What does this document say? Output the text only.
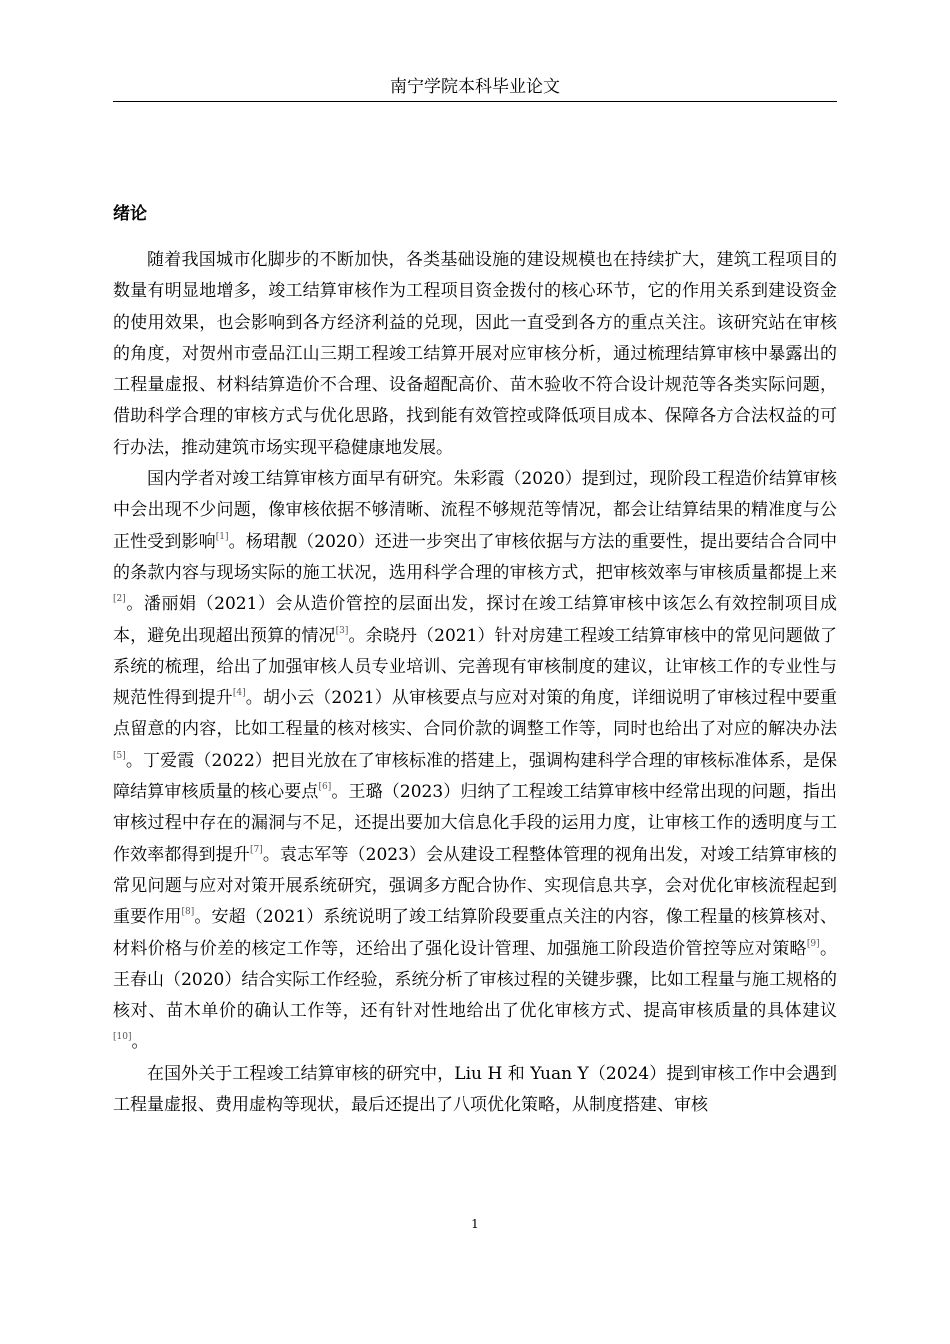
南宁学院本科毕业论文
绪论

随着我国城市化脚步的不断加快，各类基础设施的建设规模也在持续扩大，建筑工程项目的数量有明显地增多，竣工结算审核作为工程项目资金拨付的核心环节，它的作用关系到建设资金的使用效果，也会影响到各方经济利益的兑现，因此一直受到各方的重点关注。该研究站在审核的角度，对贺州市壹品江山三期工程竣工结算开展对应审核分析，通过梳理结算审核中暴露出的工程量虚报、材料结算造价不合理、设备超配高价、苗木验收不符合设计规范等各类实际问题，借助科学合理的审核方式与优化思路，找到能有效管控或降低项目成本、保障各方合法权益的可行办法，推动建筑市场实现平稳健康地发展。

国内学者对竣工结算审核方面早有研究。朱彩霞（2020）提到过，现阶段工程造价结算审核中会出现不少问题，像审核依据不够清晰、流程不够规范等情况，都会让结算结果的精准度与公正性受到影响[1]。杨珺靓（2020）还进一步突出了审核依据与方法的重要性，提出要结合合同中的条款内容与现场实际的施工状况，选用科学合理的审核方式，把审核效率与审核质量都提上来[2]。潘丽娟（2021）会从造价管控的层面出发，探讨在竣工结算审核中该怎么有效控制项目成本，避免出现超出预算的情况[3]。余晓丹（2021）针对房建工程竣工结算审核中的常见问题做了系统的梳理，给出了加强审核人员专业培训、完善现有审核制度的建议，让审核工作的专业性与规范性得到提升[4]。胡小云（2021）从审核要点与应对对策的角度，详细说明了审核过程中要重点留意的内容，比如工程量的核对核实、合同价款的调整工作等，同时也给出了对应的解决办法[5]。丁爱霞（2022）把目光放在了审核标准的搭建上，强调构建科学合理的审核标准体系，是保障结算审核质量的核心要点[6]。王璐（2023）归纳了工程竣工结算审核中经常出现的问题，指出审核过程中存在的漏洞与不足，还提出要加大信息化手段的运用力度，让审核工作的透明度与工作效率都得到提升[7]。袁志军等（2023）会从建设工程整体管理的视角出发，对竣工结算审核的常见问题与应对对策开展系统研究，强调多方配合协作、实现信息共享，会对优化审核流程起到重要作用[8]。安超（2021）系统说明了竣工结算阶段要重点关注的内容，像工程量的核算核对、材料价格与价差的核定工作等，还给出了强化设计管理、加强施工阶段造价管控等应对策略[9]。王春山（2020）结合实际工作经验，系统分析了审核过程的关键步骤，比如工程量与施工规格的核对、苗木单价的确认工作等，还有针对性地给出了优化审核方式、提高审核质量的具体建议[10]。

在国外关于工程竣工结算审核的研究中，Liu H 和 Yuan Y（2024）提到审核工作中会遇到工程量虚报、费用虚构等现状，最后还提出了八项优化策略，从制度搭建、审核

1
